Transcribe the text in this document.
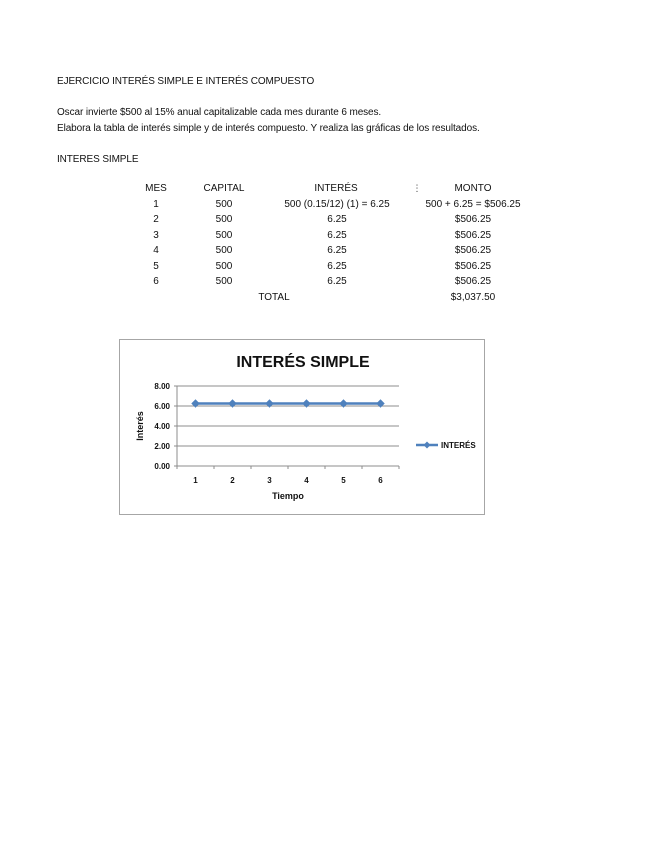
EJERCICIO INTERÉS SIMPLE E INTERÉS COMPUESTO
Oscar invierte $500 al 15% anual capitalizable cada mes durante 6 meses.
Elabora la tabla de interés simple y de interés compuesto. Y realiza las gráficas de los resultados.
INTERES SIMPLE
MES	CAPITAL	INTERÉS	⋮	MONTO
1	500	500 (0.15/12) (1) = 6.25	500 + 6.25 = $506.25
2	500	6.25	$506.25
3	500	6.25	$506.25
4	500	6.25	$506.25
5	500	6.25	$506.25
6	500	6.25	$506.25
TOTAL	$3,037.50
INTERÉS SIMPLE
0.00
2.00
4.00
6.00
8.00
1	2	3	4	5	6
Tiempo
Interés
INTERÉS
